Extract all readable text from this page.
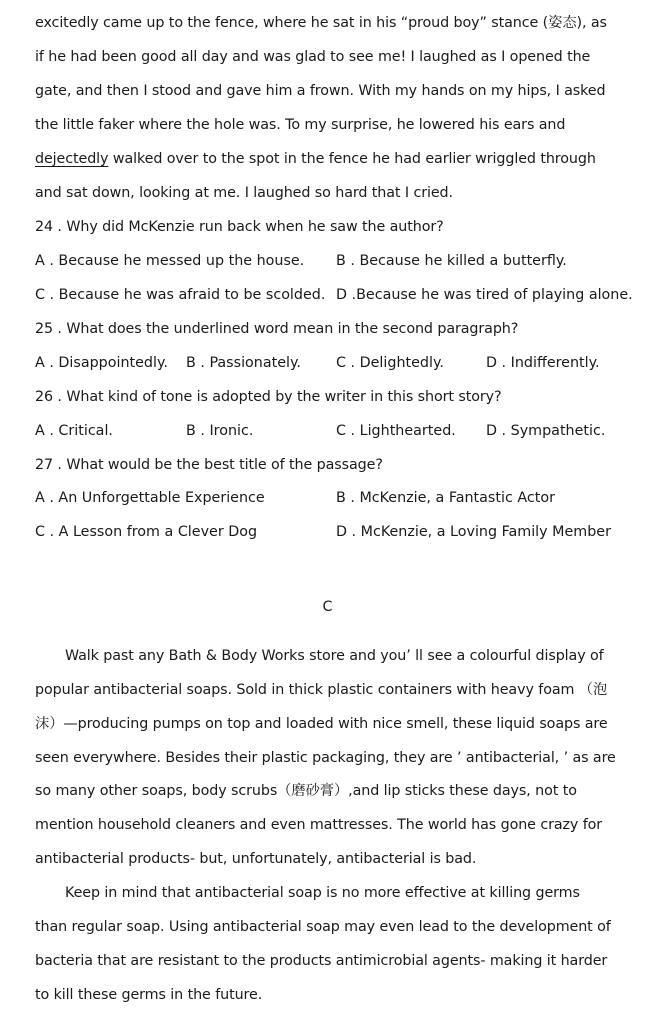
excitedly came up to the fence, where he sat in his “proud boy” stance (姿态), as
if he had been good all day and was glad to see me! I laughed as I opened the
gate, and then I stood and gave him a frown. With my hands on my hips, I asked
the little faker where the hole was. To my surprise, he lowered his ears and
dejectedly walked over to the spot in the fence he had earlier wriggled through
and sat down, looking at me. I laughed so hard that I cried.
24 . Why did McKenzie run back when he saw the author?
A . Because he messed up the house. B . Because he killed a butterfly.
C . Because he was afraid to be scolded. D .Because he was tired of playing alone.
25 . What does the underlined word mean in the second paragraph?
A . Disappointedly. B . Passionately. C . Delightedly.	D . Indifferently.
26 . What kind of tone is adopted by the writer in this short story?
A . Critical.	B . Ironic.	C . Lighthearted. D . Sympathetic.
27 . What would be the best title of the passage?
A . An Unforgettable Experience	B . McKenzie, a Fantastic Actor
C . A Lesson from a Clever Dog	D . McKenzie, a Loving Family Member
C
Walk past any Bath & Body Works store and you’ ll see a colourful display of
popular antibacterial soaps. Sold in thick plastic containers with heavy foam （泡
沫）—producing pumps on top and loaded with nice smell, these liquid soaps are
seen everywhere. Besides their plastic packaging, they are ’ antibacterial, ’ as are
so many other soaps, body scrubs（磨砂膏）,and lip sticks these days, not to
mention household cleaners and even mattresses. The world has gone crazy for
antibacterial products- but, unfortunately, antibacterial is bad.
Keep in mind that antibacterial soap is no more effective at killing germs
than regular soap. Using antibacterial soap may even lead to the development of
bacteria that are resistant to the products antimicrobial agents- making it harder
to kill these germs in the future.
